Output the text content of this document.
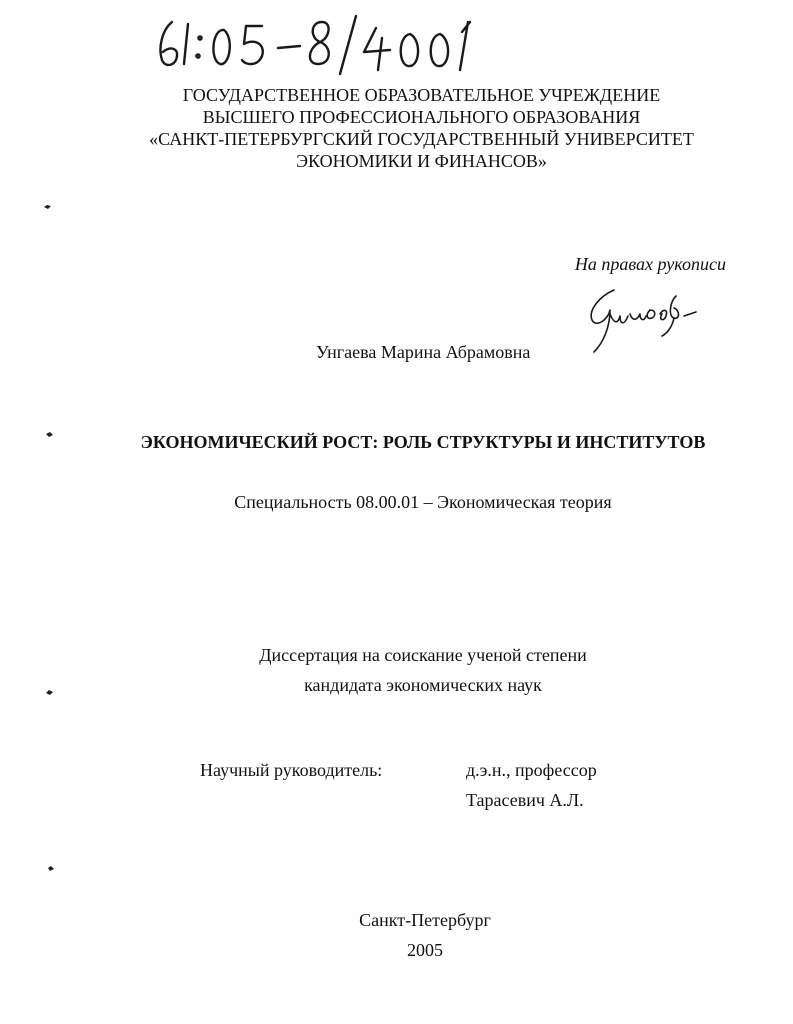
ГОСУДАРСТВЕННОЕ ОБРАЗОВАТЕЛЬНОЕ УЧРЕЖДЕНИЕ
ВЫСШЕГО ПРОФЕССИОНАЛЬНОГО ОБРАЗОВАНИЯ
«САНКТ-ПЕТЕРБУРГСКИЙ ГОСУДАРСТВЕННЫЙ УНИВЕРСИТЕТ
ЭКОНОМИКИ И ФИНАНСОВ»
На правах рукописи
Унгаева Марина Абрамовна
ЭКОНОМИЧЕСКИЙ РОСТ: РОЛЬ СТРУКТУРЫ И ИНСТИТУТОВ
Специальность 08.00.01 – Экономическая теория
Диссертация на соискание ученой степени
кандидата экономических наук
Научный руководитель:	д.э.н., профессор
Тарасевич А.Л.
Санкт-Петербург
2005
